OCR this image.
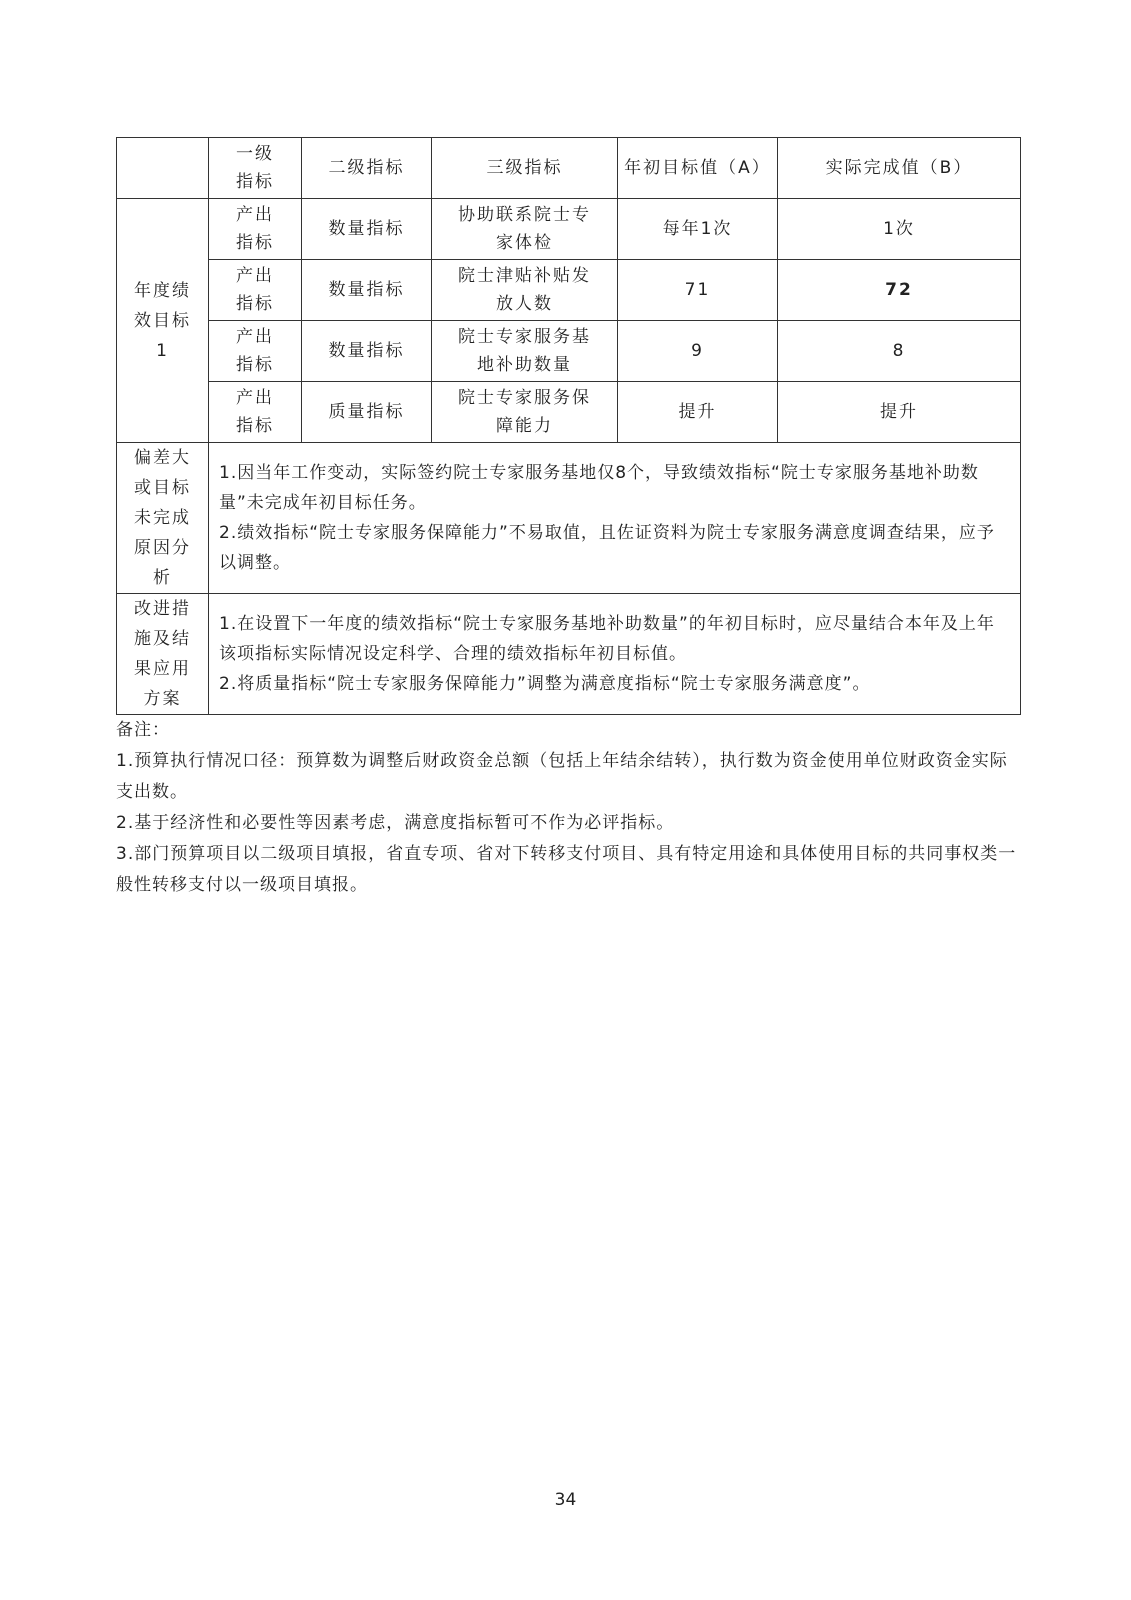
	一级指标	二级指标	三级指标	年初目标值（A）	实际完成值（B）
年度绩效目标1	产出指标	数量指标	协助联系院士专家体检	每年1次	1次
	产出指标	数量指标	院士津贴补贴发放人数	71	72
	产出指标	数量指标	院士专家服务基地补助数量	9	8
	产出指标	质量指标	院士专家服务保障能力	提升	提升
偏差大或目标未完成原因分析	1.因当年工作变动，实际签约院士专家服务基地仅8个，导致绩效指标“院士专家服务基地补助数量”未完成年初目标任务。
2.绩效指标“院士专家服务保障能力”不易取值，且佐证资料为院士专家服务满意度调查结果，应予以调整。				

改进措施及结果应用方案	1.在设置下一年度的绩效指标“院士专家服务基地补助数量”的年初目标时，应尽量结合本年及上年该项指标实际情况设定科学、合理的绩效指标年初目标值。
2.将质量指标“院士专家服务保障能力”调整为满意度指标“院士专家服务满意度”。				
备注：
1.预算执行情况口径：预算数为调整后财政资金总额（包括上年结余结转），执行数为资金使用单位财政资金实际支出数。
2.基于经济性和必要性等因素考虑，满意度指标暂可不作为必评指标。
3.部门预算项目以二级项目填报，省直专项、省对下转移支付项目、具有特定用途和具体使用目标的共同事权类一般性转移支付以一级项目填报。
34
